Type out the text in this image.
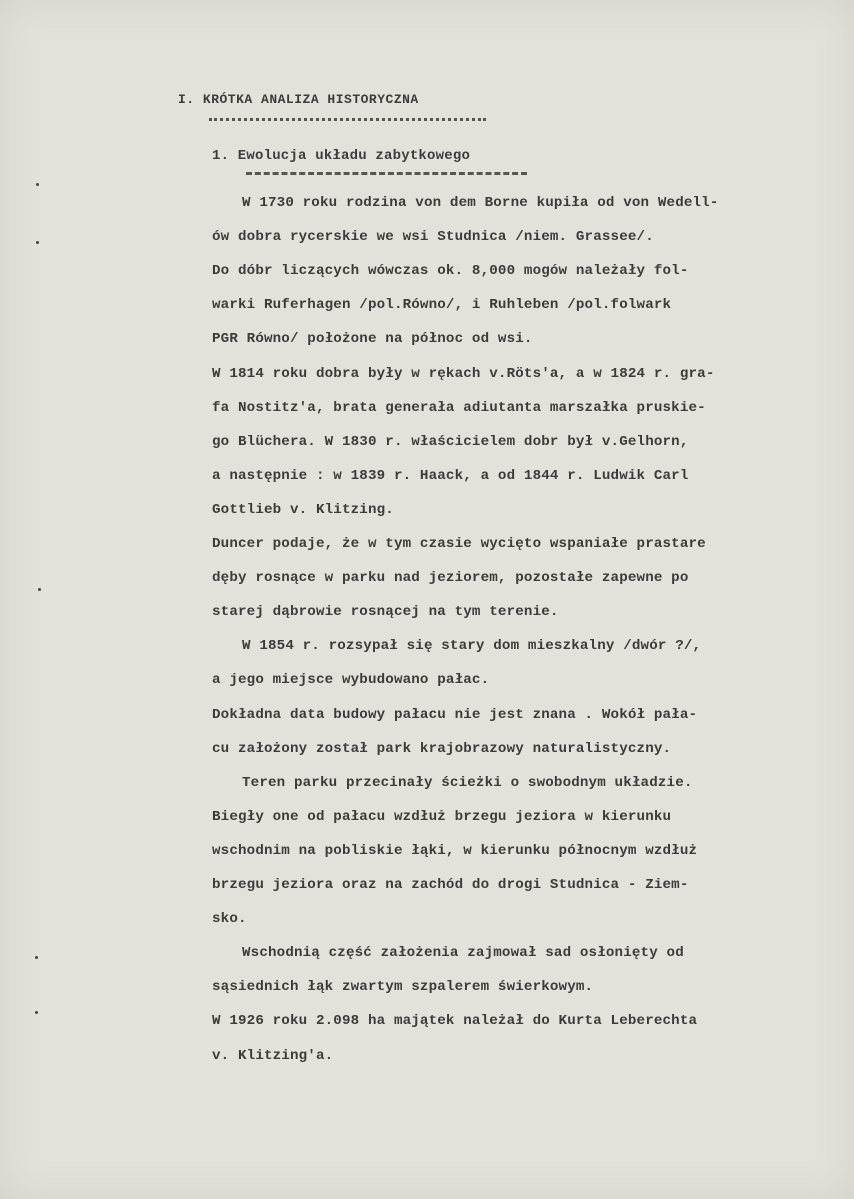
I. KRÓTKA ANALIZA HISTORYCZNA
1. Ewolucja układu zabytkowego
W 1730 roku rodzina von dem Borne kupiła od von Wedell-
ów dobra rycerskie we wsi Studnica /niem. Grassee/.
Do dóbr liczących wówczas ok. 8,000 mogów należały fol-
warki Ruferhagen /pol.Równo/, i Ruhleben /pol.folwark
PGR Równo/ położone na północ od wsi.
W 1814 roku dobra były w rękach v.Röts'a, a w 1824 r. gra-
fa Nostitz'a, brata generała adiutanta marszałka pruskie-
go Blüchera. W 1830 r. właścicielem dobr był v.Gelhorn,
a następnie : w 1839 r. Haack, a od 1844 r. Ludwik Carl
Gottlieb v. Klitzing.
Duncer podaje, że w tym czasie wycięto wspaniałe prastare
dęby rosnące w parku nad jeziorem, pozostałe zapewne po
starej dąbrowie rosnącej na tym terenie.
W 1854 r. rozsypał się stary dom mieszkalny /dwór ?/,
a jego miejsce wybudowano pałac.
Dokładna data budowy pałacu nie jest znana . Wokół pała-
cu założony został park krajobrazowy naturalistyczny.
Teren parku przecinały ścieżki o swobodnym układzie.
Biegły one od pałacu wzdłuż brzegu jeziora w kierunku
wschodnim na pobliskie łąki, w kierunku północnym wzdłuż
brzegu jeziora oraz na zachód do drogi Studnica - Ziem-
sko.
Wschodnią część założenia zajmował sad osłonięty od
sąsiednich łąk zwartym szpalerem świerkowym.
W 1926 roku 2.098 ha majątek należał do Kurta Leberechta
v. Klitzing'a.
